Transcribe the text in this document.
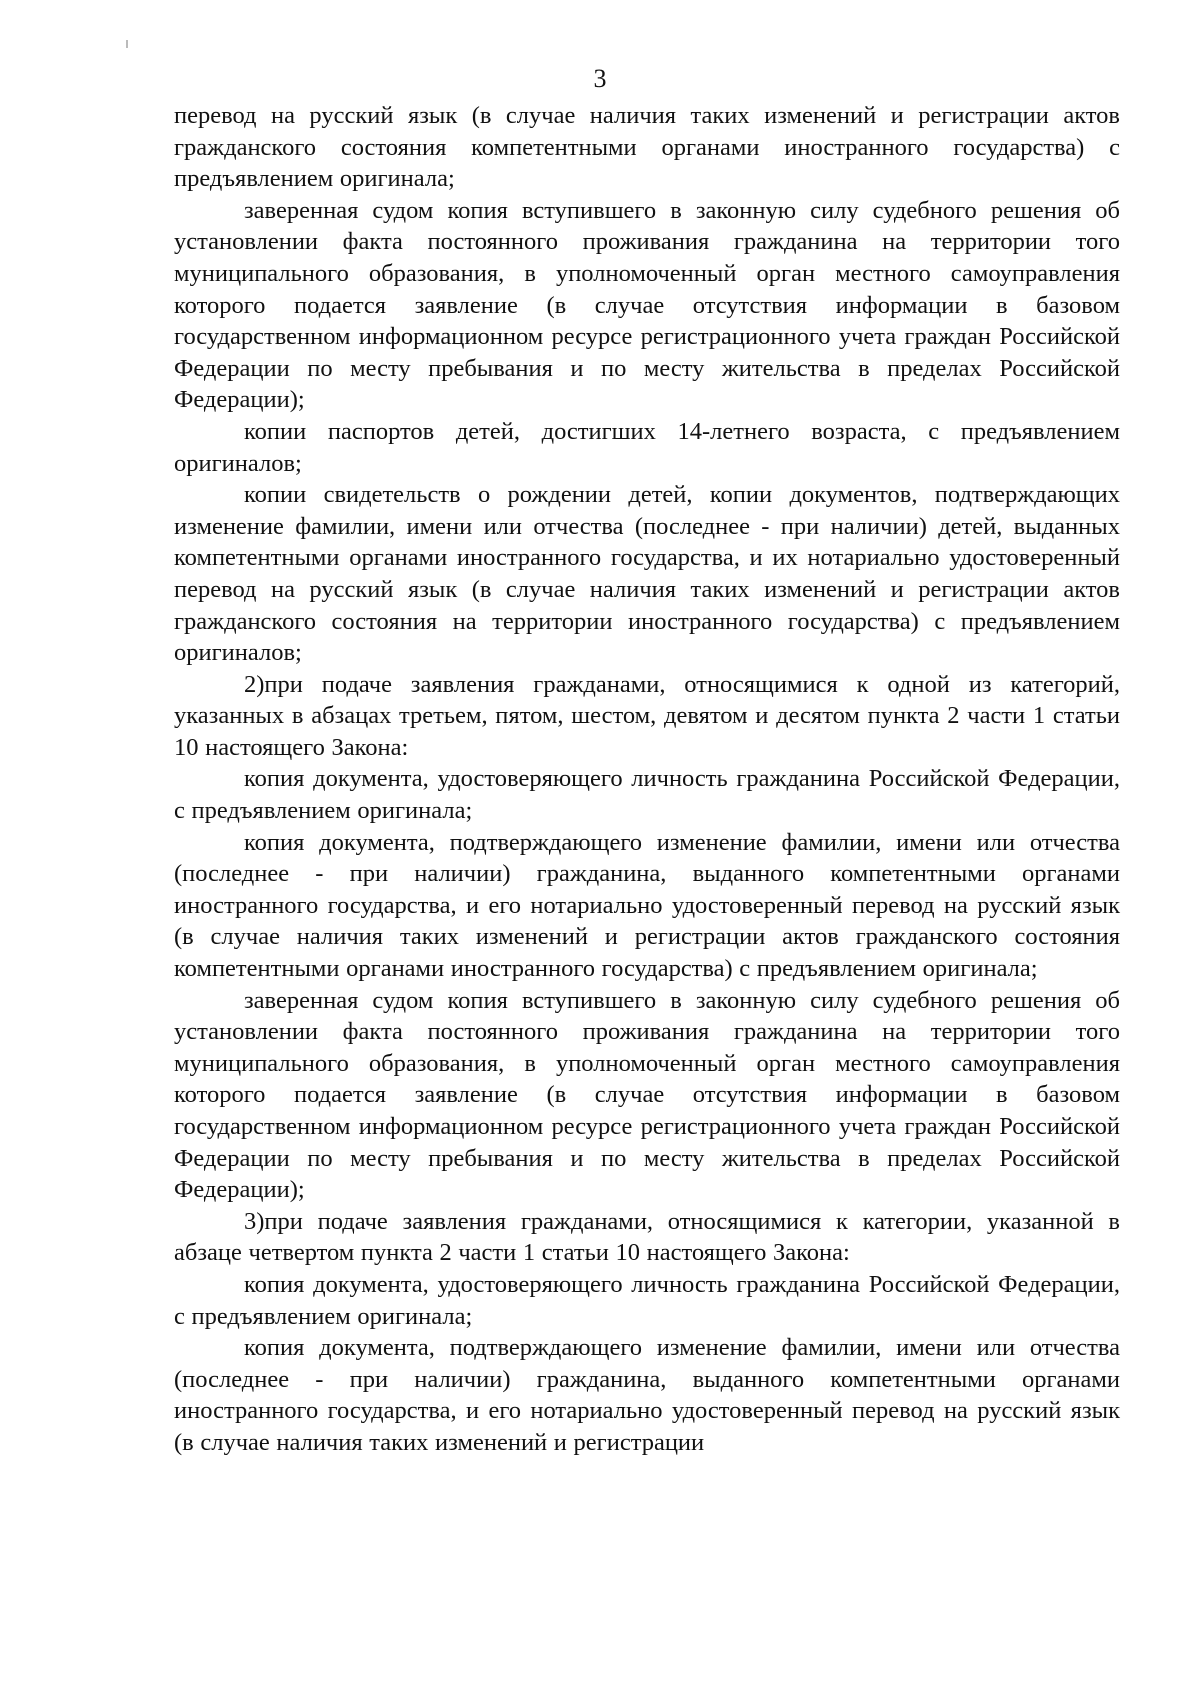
3

перевод на русский язык (в случае наличия таких изменений и регистрации актов гражданского состояния компетентными органами иностранного государства) с предъявлением оригинала;

заверенная судом копия вступившего в законную силу судебного решения об установлении факта постоянного проживания гражданина на территории того муниципального образования, в уполномоченный орган местного самоуправления которого подается заявление (в случае отсутствия информации в базовом государственном информационном ресурсе регистрационного учета граждан Российской Федерации по месту пребывания и по месту жительства в пределах Российской Федерации);

копии паспортов детей, достигших 14-летнего возраста, с предъявлением оригиналов;

копии свидетельств о рождении детей, копии документов, подтверждающих изменение фамилии, имени или отчества (последнее - при наличии) детей, выданных компетентными органами иностранного государства, и их нотариально удостоверенный перевод на русский язык (в случае наличия таких изменений и регистрации актов гражданского состояния на территории иностранного государства) с предъявлением оригиналов;

2)при подаче заявления гражданами, относящимися к одной из категорий, указанных в абзацах третьем, пятом, шестом, девятом и десятом пункта 2 части 1 статьи 10 настоящего Закона:

копия документа, удостоверяющего личность гражданина Российской Федерации, с предъявлением оригинала;

копия документа, подтверждающего изменение фамилии, имени или отчества (последнее - при наличии) гражданина, выданного компетентными органами иностранного государства, и его нотариально удостоверенный перевод на русский язык (в случае наличия таких изменений и регистрации актов гражданского состояния компетентными органами иностранного государства) с предъявлением оригинала;

заверенная судом копия вступившего в законную силу судебного решения об установлении факта постоянного проживания гражданина на территории того муниципального образования, в уполномоченный орган местного самоуправления которого подается заявление (в случае отсутствия информации в базовом государственном информационном ресурсе регистрационного учета граждан Российской Федерации по месту пребывания и по месту жительства в пределах Российской Федерации);

3)при подаче заявления гражданами, относящимися к категории, указанной в абзаце четвертом пункта 2 части 1 статьи 10 настоящего Закона:

копия документа, удостоверяющего личность гражданина Российской Федерации, с предъявлением оригинала;

копия документа, подтверждающего изменение фамилии, имени или отчества (последнее - при наличии) гражданина, выданного компетентными органами иностранного государства, и его нотариально удостоверенный перевод на русский язык (в случае наличия таких изменений и регистрации
